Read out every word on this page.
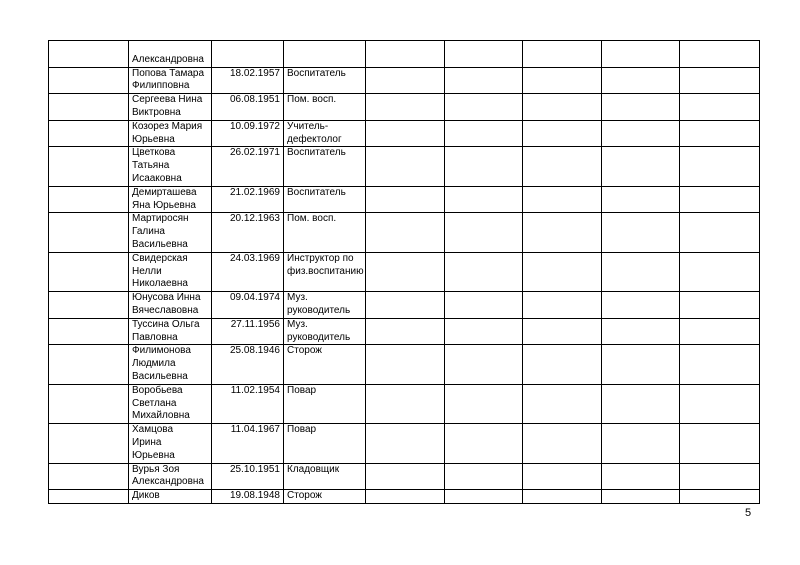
	Александровна							

	Попова Тамара
Филипповна	18.02.1957	Воспитатель					

	Сергеева Нина
Виктровна	06.08.1951	Пом. восп.					

	Козорез Мария
Юрьевна	10.09.1972	Учитель-
дефектолог					

	Цветкова
Татьяна
Исааковна	26.02.1971	Воспитатель					

	Демирташева
Яна Юрьевна	21.02.1969	Воспитатель					

	Мартиросян
Галина
Васильевна	20.12.1963	Пом. восп.					

	Свидерская
Нелли
Николаевна	24.03.1969	Инструктор по
физ.воспитанию					

	Юнусова Инна
Вячеславовна	09.04.1974	Муз.
руководитель					

	Туссина Ольга
Павловна	27.11.1956	Муз.
руководитель					

	Филимонова
Людмила
Васильевна	25.08.1946	Сторож					

	Воробьева
Светлана
Михайловна	11.02.1954	Повар					

	Хамцова
Ирина
Юрьевна	11.04.1967	Повар					

	Вурья Зоя
Александровна	25.10.1951	Кладовщик					

	Диков	19.08.1948	Сторож					

5
